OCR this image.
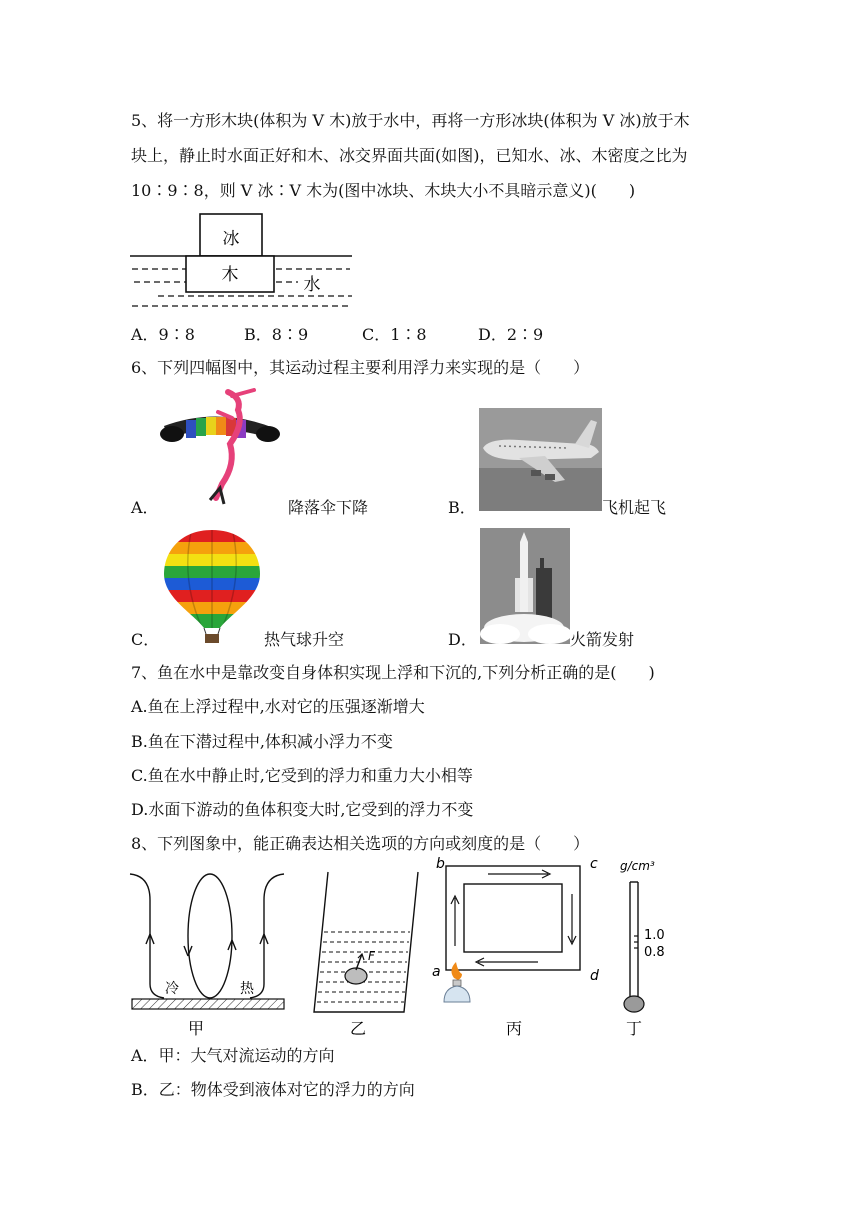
5、将一方形木块(体积为 V 木)放于水中，再将一方形冰块(体积为 V 冰)放于木
块上，静止时水面正好和木、冰交界面共面(如图)，已知水、冰、木密度之比为
10∶9∶8，则 V 冰∶V 木为(图中冰块、木块大小不具暗示意义)(　　)
冰
木	水
A．9∶8	B．8∶9	C．1∶8	D．2∶9
6、下列四幅图中，其运动过程主要利用浮力来实现的是（　　）
A．	降落伞下降	B．	飞机起飞
C．	热气球升空	D．	火箭发射
7、鱼在水中是靠改变自身体积实现上浮和下沉的,下列分析正确的是(　　)
A.鱼在上浮过程中,水对它的压强逐渐增大
B.鱼在下潜过程中,体积减小浮力不变
C.鱼在水中静止时,它受到的浮力和重力大小相等
D.水面下游动的鱼体积变大时,它受到的浮力不变
8、下列图象中，能正确表达相关选项的方向或刻度的是（　　）
冷	热
甲
F
乙
b	c
a	d
丙
g/cm³
1.0
0.8
丁
A．甲：大气对流运动的方向
B．乙：物体受到液体对它的浮力的方向
